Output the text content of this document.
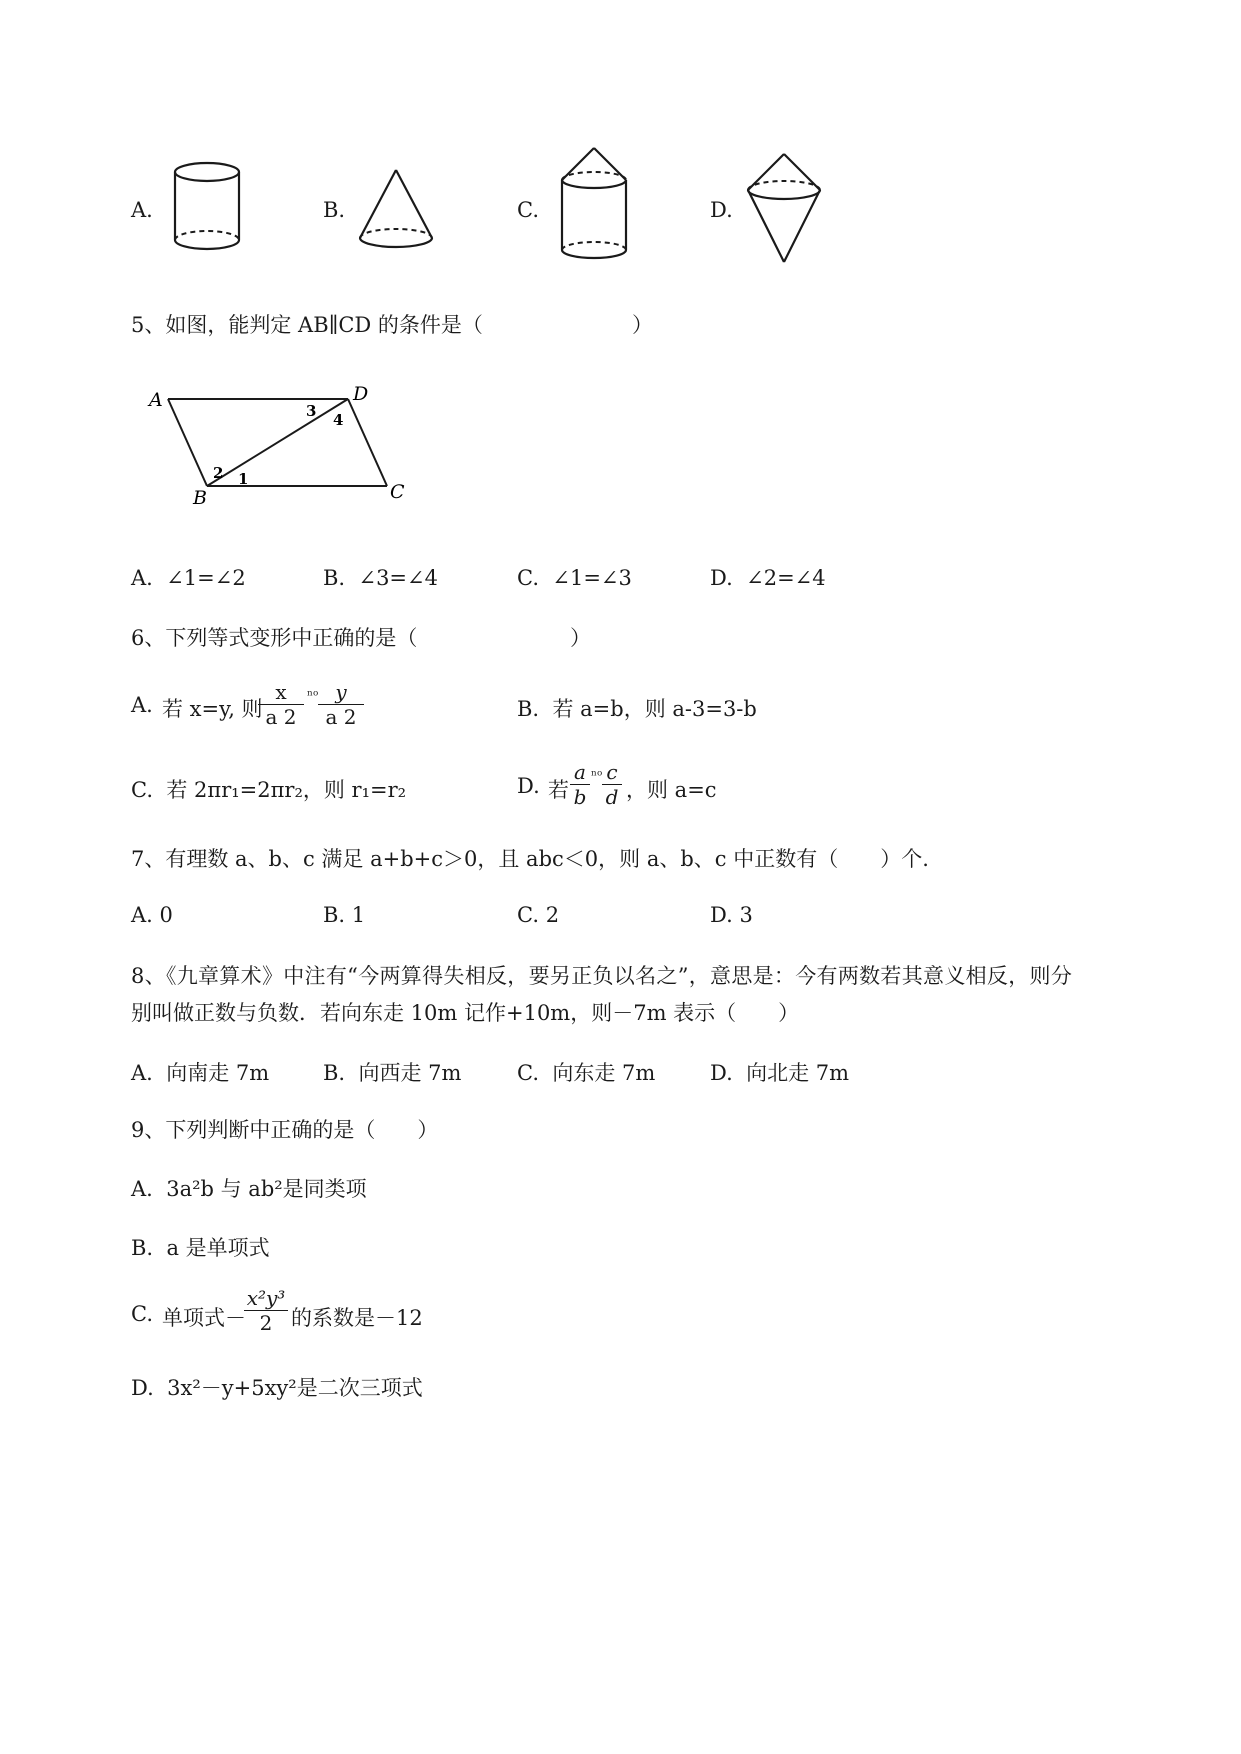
A.	B.	C.	D.
5、如图，能判定 AB∥CD 的条件是（	）
A	D
B	C
1
2
3 4
A. ∠1=∠2	B. ∠3=∠4	C. ∠1=∠3	D. ∠2=∠4
6、下列等式变形中正确的是（	）
A. 若 x=y, 则
x
a 2
ⁿᵒ y
a 2	B. 若 a=b，则 a-3=3-b
C. 若 2πr₁=2πr₂，则 r₁=r₂	D. 若
a
b
ⁿᵒ c
d ，则 a=c
7、有理数 a、b、c 满足 a+b+c＞0，且 abc＜0，则 a、b、c 中正数有（　　）个.
A. 0	B. 1	C. 2	D. 3
8、《九章算术》中注有“今两算得失相反，要另正负以名之”，意思是：今有两数若其意义相反，则分
别叫做正数与负数．若向东走 10m 记作+10m，则－7m 表示（　　）
A. 向南走 7m	B. 向西走 7m	C. 向东走 7m	D. 向北走 7m
9、下列判断中正确的是（　　）
A. 3a²b 与 ab²是同类项
B. a 是单项式
C. 单项式－
x²y³
2 的系数是－12
D. 3x²－y+5xy²是二次三项式
